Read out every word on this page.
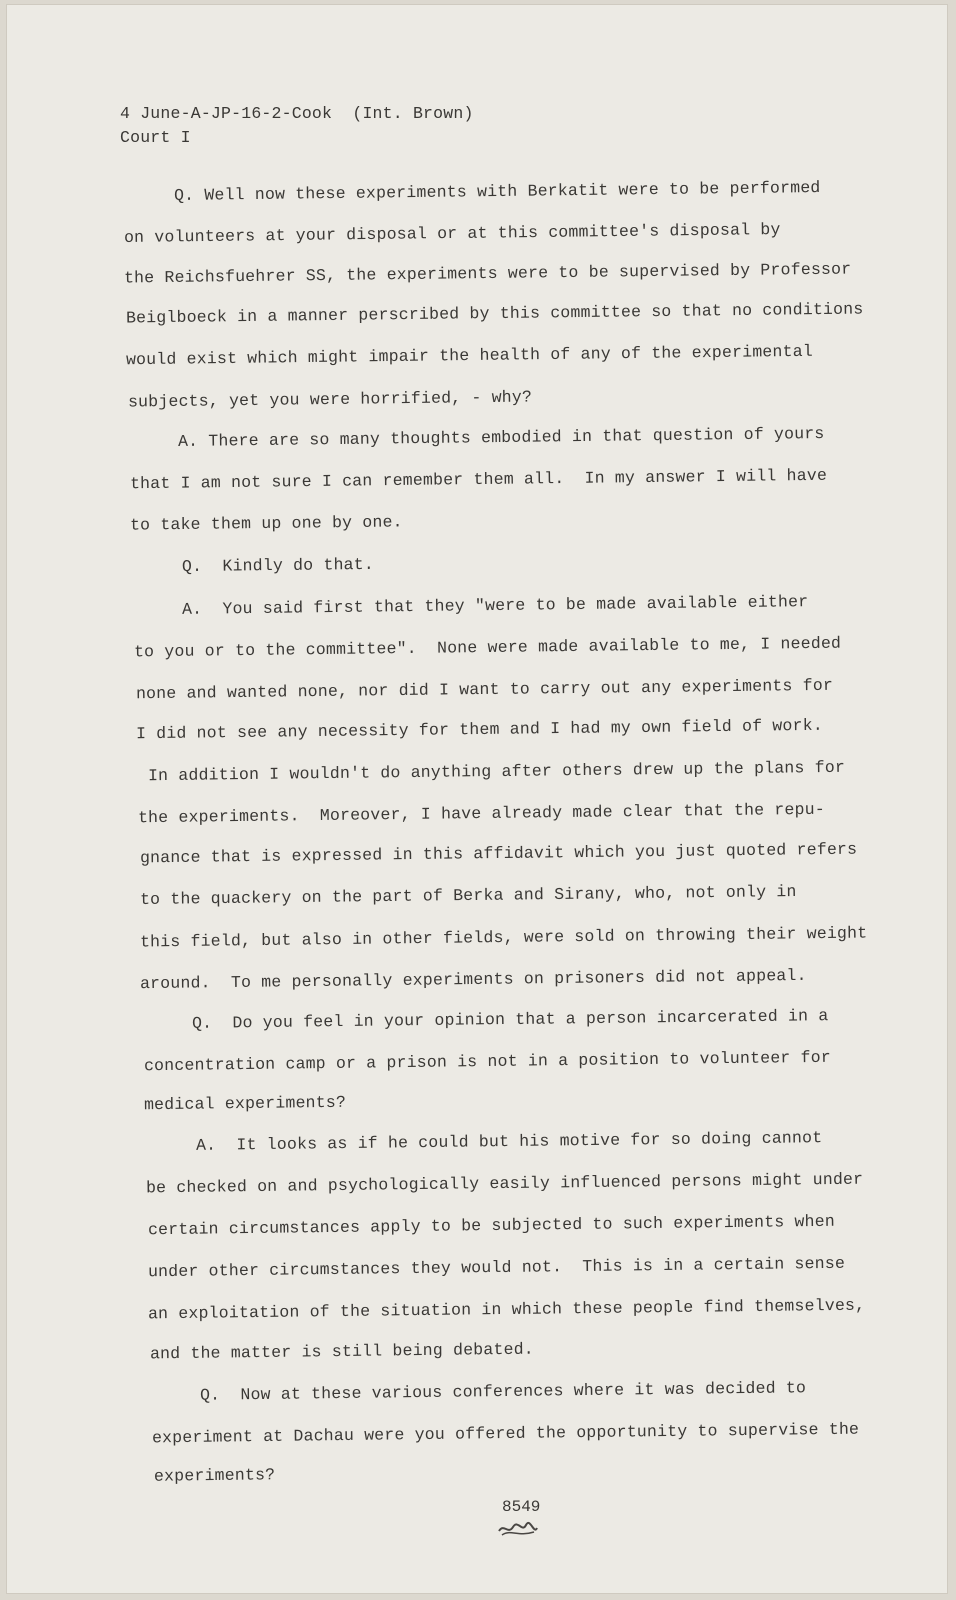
4 June-A-JP-16-2-Cook  (Int. Brown)
Court I
Q. Well now these experiments with Berkatit were to be performed
on volunteers at your disposal or at this committee's disposal by
the Reichsfuehrer SS, the experiments were to be supervised by Professor
Beiglboeck in a manner perscribed by this committee so that no conditions
would exist which might impair the health of any of the experimental
subjects, yet you were horrified, - why?
A. There are so many thoughts embodied in that question of yours
that I am not sure I can remember them all.  In my answer I will have
to take them up one by one.
Q.  Kindly do that.
A.  You said first that they "were to be made available either
to you or to the committee".  None were made available to me, I needed
none and wanted none, nor did I want to carry out any experiments for
I did not see any necessity for them and I had my own field of work.
In addition I wouldn't do anything after others drew up the plans for
the experiments.  Moreover, I have already made clear that the repu-
gnance that is expressed in this affidavit which you just quoted refers
to the quackery on the part of Berka and Sirany, who, not only in
this field, but also in other fields, were sold on throwing their weight
around.  To me personally experiments on prisoners did not appeal.
Q.  Do you feel in your opinion that a person incarcerated in a
concentration camp or a prison is not in a position to volunteer for
medical experiments?
A.  It looks as if he could but his motive for so doing cannot
be checked on and psychologically easily influenced persons might under
certain circumstances apply to be subjected to such experiments when
under other circumstances they would not.  This is in a certain sense
an exploitation of the situation in which these people find themselves,
and the matter is still being debated.
Q.  Now at these various conferences where it was decided to
experiment at Dachau were you offered the opportunity to supervise the
experiments?
8549
